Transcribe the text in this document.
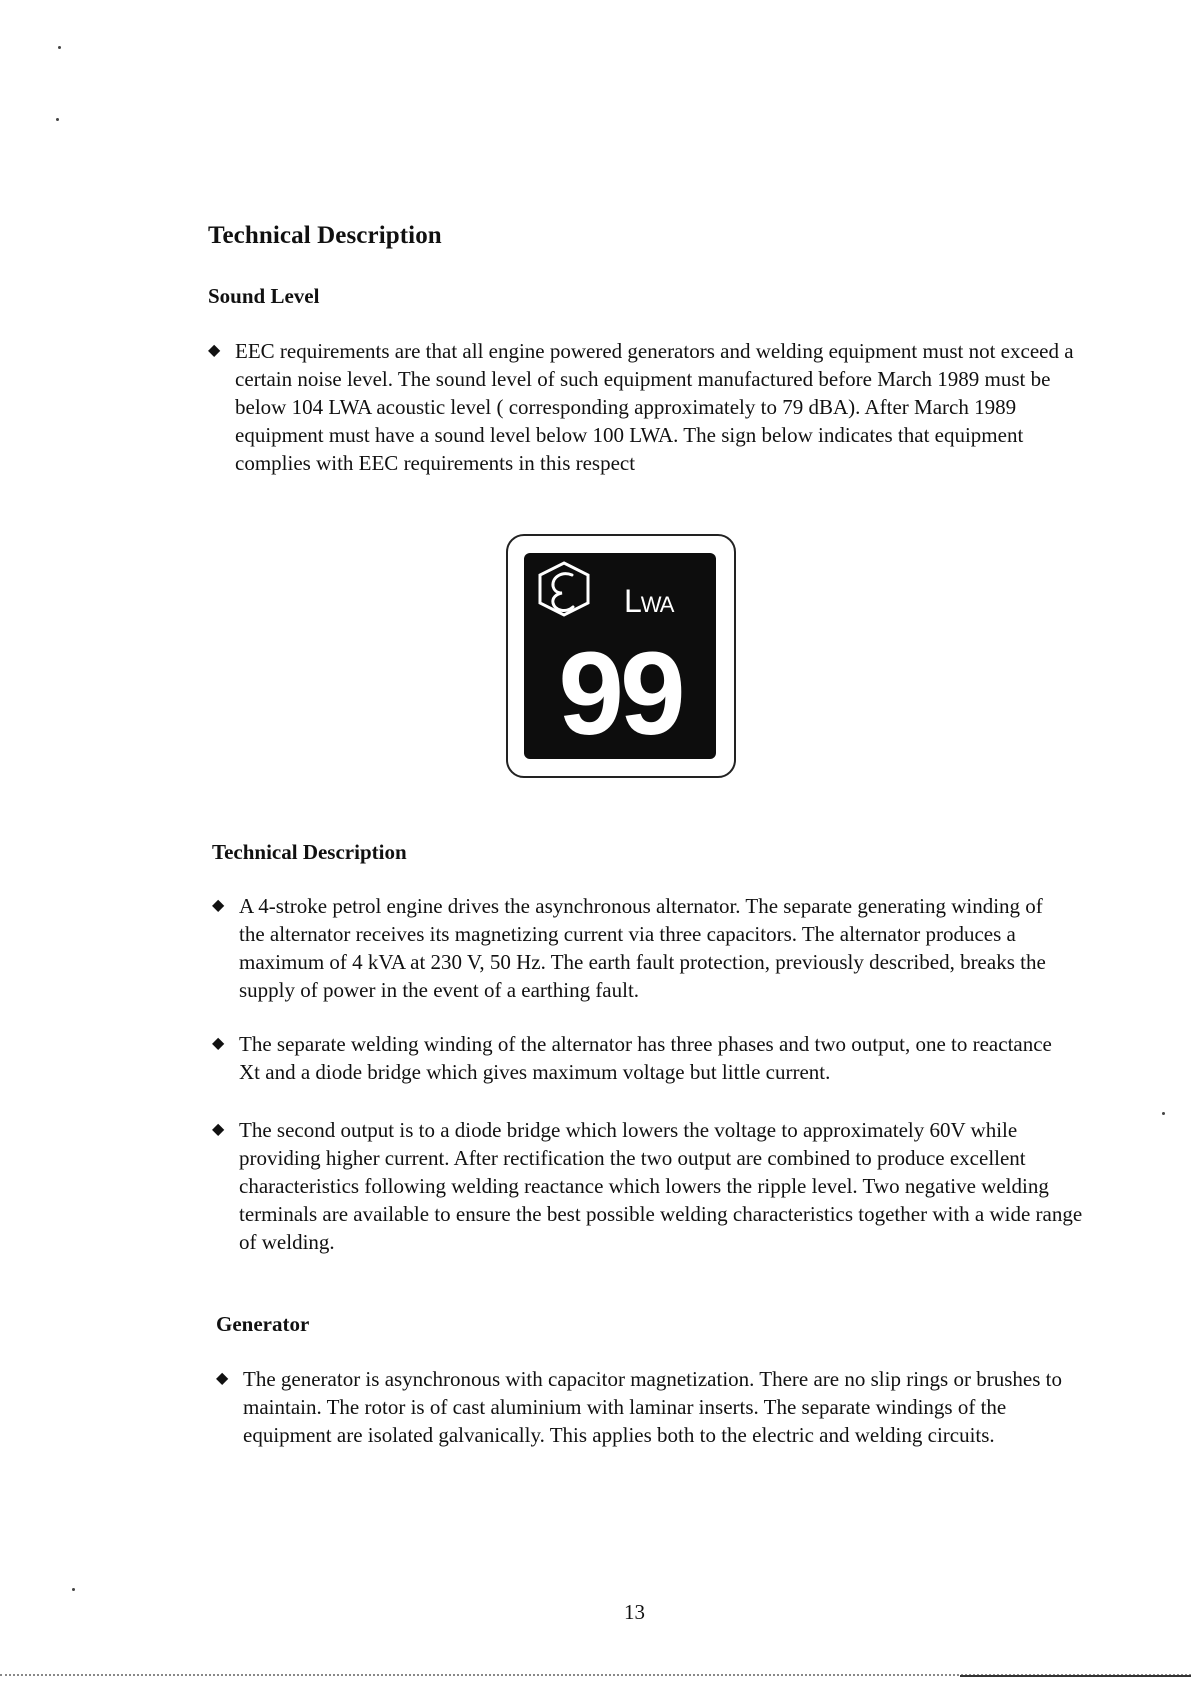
Technical Description
Sound Level
◆ EEC requirements are that all engine powered generators and welding equipment must not exceed a certain noise level. The sound level of such equipment manufactured before March 1989 must be below 104 LWA acoustic level ( corresponding approximately to 79 dBA). After March 1989 equipment must have a sound level below 100 LWA. The sign below indicates that equipment complies with EEC requirements in this respect
LWA
99
Technical Description
◆ A 4-stroke petrol engine drives the asynchronous alternator. The separate generating winding of the alternator receives its magnetizing current via three capacitors. The alternator produces a maximum of 4 kVA at 230 V, 50 Hz. The earth fault protection, previously described, breaks the supply of power in the event of a earthing fault.
◆ The separate welding winding of the alternator has three phases and two output, one to reactance Xt and a diode bridge which gives maximum voltage but little current.
◆ The second output is to a diode bridge which lowers the voltage to approximately 60V while providing higher current. After rectification the two output are combined to produce excellent characteristics following welding reactance which lowers the ripple level. Two negative welding terminals are available to ensure the best possible welding characteristics together with a wide range of welding.
Generator
◆ The generator is asynchronous with capacitor magnetization. There are no slip rings or brushes to maintain. The rotor is of cast aluminium with laminar inserts. The separate windings of the equipment are isolated galvanically. This applies both to the electric and welding circuits.
13
